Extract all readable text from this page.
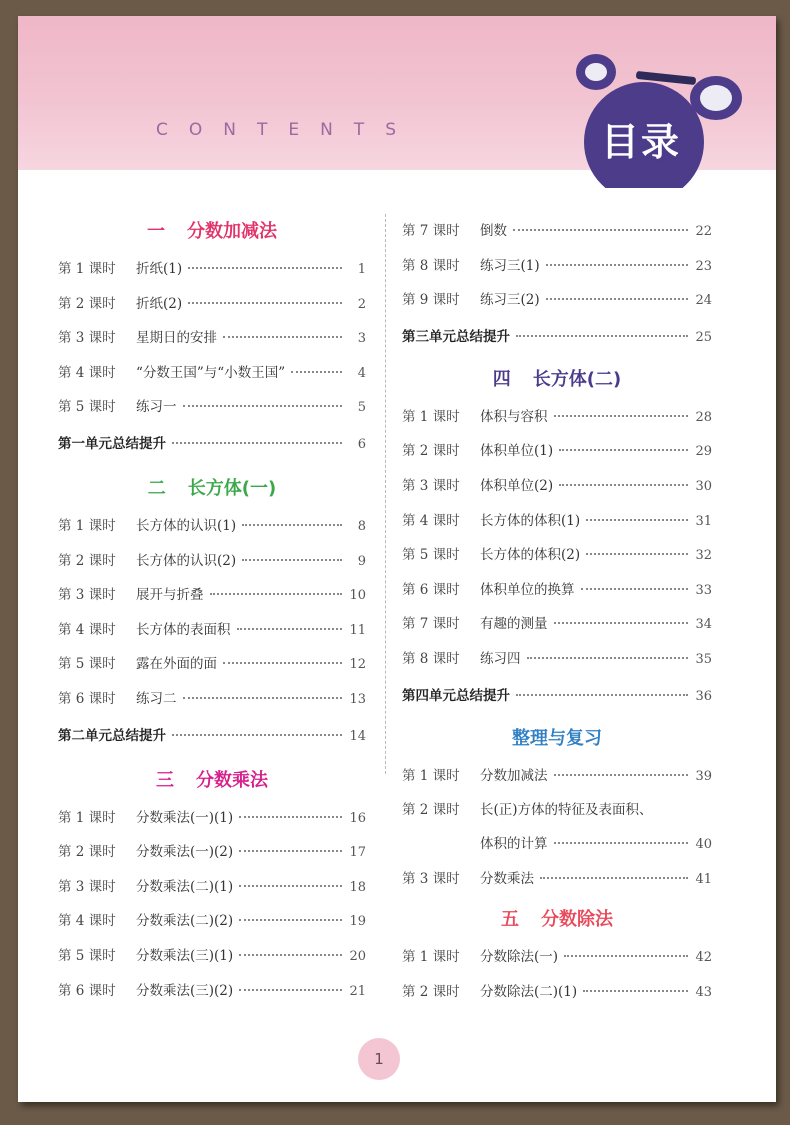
CONTENTS	目录
一 分数加减法
第 1 课时	折纸(1)	1
第 2 课时	折纸(2)	2
第 3 课时	星期日的安排	3
第 4 课时	“分数王国”与“小数王国”	4
第 5 课时	练习一	5
第一单元总结提升	6
二 长方体(一)
第 1 课时	长方体的认识(1)	8
第 2 课时	长方体的认识(2)	9
第 3 课时	展开与折叠	10
第 4 课时	长方体的表面积	11
第 5 课时	露在外面的面	12
第 6 课时	练习二	13
第二单元总结提升	14
三 分数乘法
第 1 课时	分数乘法(一)(1)	16
第 2 课时	分数乘法(一)(2)	17
第 3 课时	分数乘法(二)(1)	18
第 4 课时	分数乘法(二)(2)	19
第 5 课时	分数乘法(三)(1)	20
第 6 课时	分数乘法(三)(2)	21
第 7 课时	倒数	22
第 8 课时	练习三(1)	23
第 9 课时	练习三(2)	24
第三单元总结提升	25
四 长方体(二)
第 1 课时	体积与容积	28
第 2 课时	体积单位(1)	29
第 3 课时	体积单位(2)	30
第 4 课时	长方体的体积(1)	31
第 5 课时	长方体的体积(2)	32
第 6 课时	体积单位的换算	33
第 7 课时	有趣的测量	34
第 8 课时	练习四	35
第四单元总结提升	36
整理与复习
第 1 课时	分数加减法	39
第 2 课时	长(正)方体的特征及表面积、
体积的计算	40
第 3 课时	分数乘法	41
五 分数除法
第 1 课时	分数除法(一)	42
第 2 课时	分数除法(二)(1)	43
1
